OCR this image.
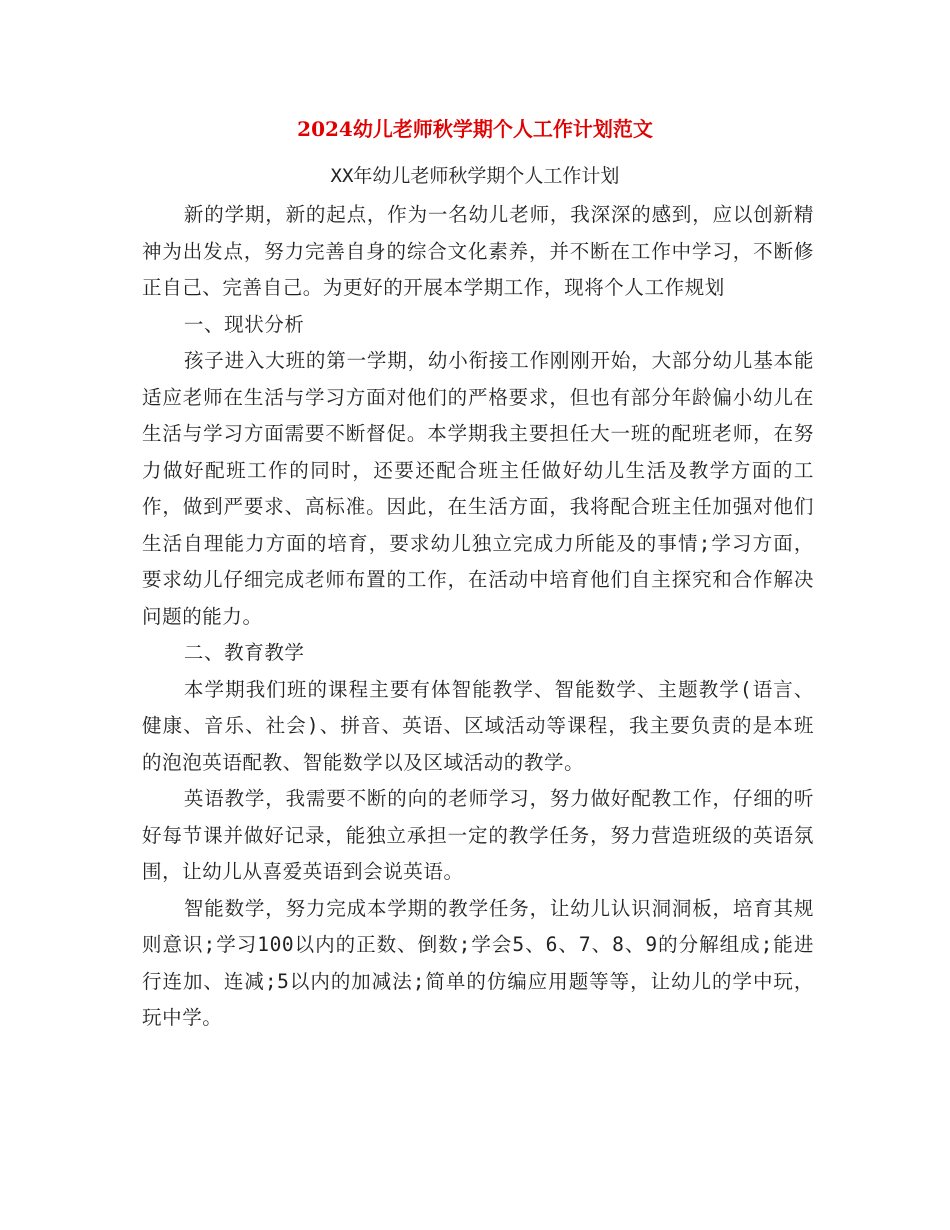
2024幼儿老师秋学期个人工作计划范文
XX年幼儿老师秋学期个人工作计划

新的学期，新的起点，作为一名幼儿老师，我深深的感到，应以创新精神为出发点，努力完善自身的综合文化素养，并不断在工作中学习，不断修正自己、完善自己。为更好的开展本学期工作，现将个人工作规划

一、现状分析

孩子进入大班的第一学期，幼小衔接工作刚刚开始，大部分幼儿基本能适应老师在生活与学习方面对他们的严格要求，但也有部分年龄偏小幼儿在生活与学习方面需要不断督促。本学期我主要担任大一班的配班老师，在努力做好配班工作的同时，还要还配合班主任做好幼儿生活及教学方面的工作，做到严要求、高标准。因此，在生活方面，我将配合班主任加强对他们生活自理能力方面的培育，要求幼儿独立完成力所能及的事情;学习方面，要求幼儿仔细完成老师布置的工作，在活动中培育他们自主探究和合作解决问题的能力。

二、教育教学

本学期我们班的课程主要有体智能教学、智能数学、主题教学(语言、健康、音乐、社会)、拼音、英语、区域活动等课程，我主要负责的是本班的泡泡英语配教、智能数学以及区域活动的教学。

英语教学，我需要不断的向的老师学习，努力做好配教工作，仔细的听好每节课并做好记录，能独立承担一定的教学任务，努力营造班级的英语氛围，让幼儿从喜爱英语到会说英语。

智能数学，努力完成本学期的教学任务，让幼儿认识洞洞板，培育其规则意识;学习100以内的正数、倒数;学会5、6、7、8、9的分解组成;能进行连加、连减;5以内的加减法;简单的仿编应用题等等，让幼儿的学中玩，玩中学。
